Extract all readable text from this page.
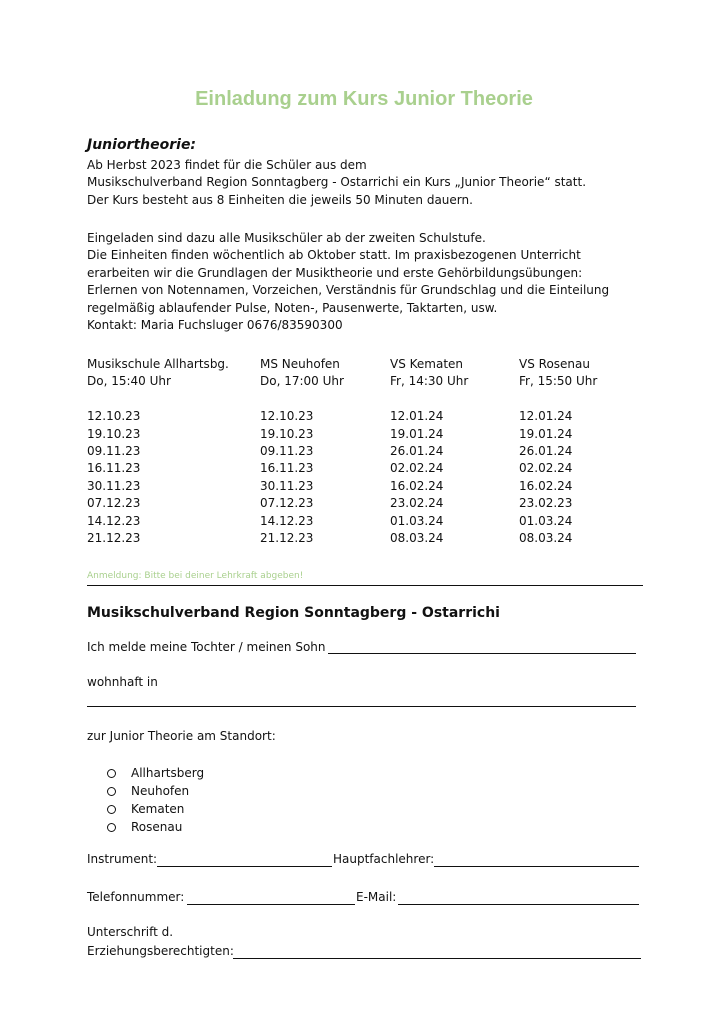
Einladung zum Kurs Junior Theorie
Juniortheorie:
Ab Herbst 2023 findet für die Schüler aus dem
Musikschulverband Region Sonntagberg - Ostarrichi ein Kurs „Junior Theorie“ statt.
Der Kurs besteht aus 8 Einheiten die jeweils 50 Minuten dauern.
Eingeladen sind dazu alle Musikschüler ab der zweiten Schulstufe.
Die Einheiten finden wöchentlich ab Oktober statt. Im praxisbezogenen Unterricht
erarbeiten wir die Grundlagen der Musiktheorie und erste Gehörbildungsübungen:
Erlernen von Notennamen, Vorzeichen, Verständnis für Grundschlag und die Einteilung
regelmäßig ablaufender Pulse, Noten-, Pausenwerte, Taktarten, usw.
Kontakt: Maria Fuchsluger 0676/83590300
Musikschule Allhartsbg.
Do, 15:40 Uhr
12.10.23
19.10.23
09.11.23
16.11.23
30.11.23
07.12.23
14.12.23
21.12.23
MS Neuhofen
Do, 17:00 Uhr
12.10.23
19.10.23
09.11.23
16.11.23
30.11.23
07.12.23
14.12.23
21.12.23
VS Kematen
Fr, 14:30 Uhr
12.01.24
19.01.24
26.01.24
02.02.24
16.02.24
23.02.24
01.03.24
08.03.24
VS Rosenau
Fr, 15:50 Uhr
12.01.24
19.01.24
26.01.24
02.02.24
16.02.24
23.02.23
01.03.24
08.03.24
Anmeldung: Bitte bei deiner Lehrkraft abgeben!
Musikschulverband Region Sonntagberg - Ostarrichi
Ich melde meine Tochter / meinen Sohn
wohnhaft in
zur Junior Theorie am Standort:
Allhartsberg
Neuhofen
Kematen
Rosenau
Instrument:	Hauptfachlehrer:
Telefonnummer:	E-Mail:
Unterschrift d.
Erziehungsberechtigten:
